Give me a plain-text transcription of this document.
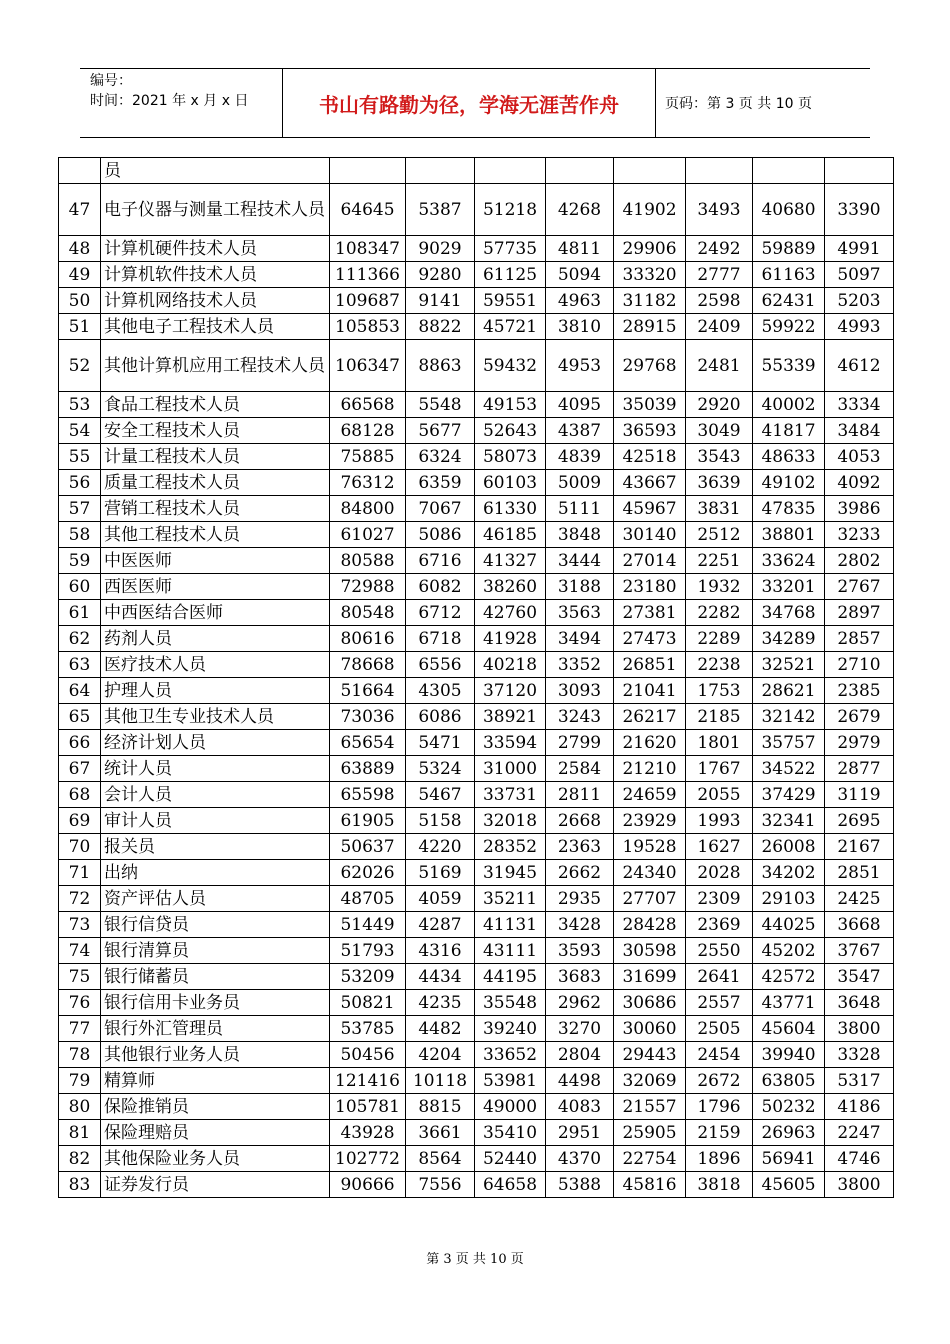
编号：
时间：2021 年 x 月 x 日	书山有路勤为径，学海无涯苦作舟	页码：第 3 页 共 10 页
	员								
47	电子仪器与测量工程技术人员	64645	5387	51218	4268	41902	3493	40680	3390
48	计算机硬件技术人员	108347	9029	57735	4811	29906	2492	59889	4991
49	计算机软件技术人员	111366	9280	61125	5094	33320	2777	61163	5097
50	计算机网络技术人员	109687	9141	59551	4963	31182	2598	62431	5203
51	其他电子工程技术人员	105853	8822	45721	3810	28915	2409	59922	4993
52	其他计算机应用工程技术人员	106347	8863	59432	4953	29768	2481	55339	4612
53	食品工程技术人员	66568	5548	49153	4095	35039	2920	40002	3334
54	安全工程技术人员	68128	5677	52643	4387	36593	3049	41817	3484
55	计量工程技术人员	75885	6324	58073	4839	42518	3543	48633	4053
56	质量工程技术人员	76312	6359	60103	5009	43667	3639	49102	4092
57	营销工程技术人员	84800	7067	61330	5111	45967	3831	47835	3986
58	其他工程技术人员	61027	5086	46185	3848	30140	2512	38801	3233
59	中医医师	80588	6716	41327	3444	27014	2251	33624	2802
60	西医医师	72988	6082	38260	3188	23180	1932	33201	2767
61	中西医结合医师	80548	6712	42760	3563	27381	2282	34768	2897
62	药剂人员	80616	6718	41928	3494	27473	2289	34289	2857
63	医疗技术人员	78668	6556	40218	3352	26851	2238	32521	2710
64	护理人员	51664	4305	37120	3093	21041	1753	28621	2385
65	其他卫生专业技术人员	73036	6086	38921	3243	26217	2185	32142	2679
66	经济计划人员	65654	5471	33594	2799	21620	1801	35757	2979
67	统计人员	63889	5324	31000	2584	21210	1767	34522	2877
68	会计人员	65598	5467	33731	2811	24659	2055	37429	3119
69	审计人员	61905	5158	32018	2668	23929	1993	32341	2695
70	报关员	50637	4220	28352	2363	19528	1627	26008	2167
71	出纳	62026	5169	31945	2662	24340	2028	34202	2851
72	资产评估人员	48705	4059	35211	2935	27707	2309	29103	2425
73	银行信贷员	51449	4287	41131	3428	28428	2369	44025	3668
74	银行清算员	51793	4316	43111	3593	30598	2550	45202	3767
75	银行储蓄员	53209	4434	44195	3683	31699	2641	42572	3547
76	银行信用卡业务员	50821	4235	35548	2962	30686	2557	43771	3648
77	银行外汇管理员	53785	4482	39240	3270	30060	2505	45604	3800
78	其他银行业务人员	50456	4204	33652	2804	29443	2454	39940	3328
79	精算师	121416	10118	53981	4498	32069	2672	63805	5317
80	保险推销员	105781	8815	49000	4083	21557	1796	50232	4186
81	保险理赔员	43928	3661	35410	2951	25905	2159	26963	2247
82	其他保险业务人员	102772	8564	52440	4370	22754	1896	56941	4746
83	证券发行员	90666	7556	64658	5388	45816	3818	45605	3800
第 3 页 共 10 页
